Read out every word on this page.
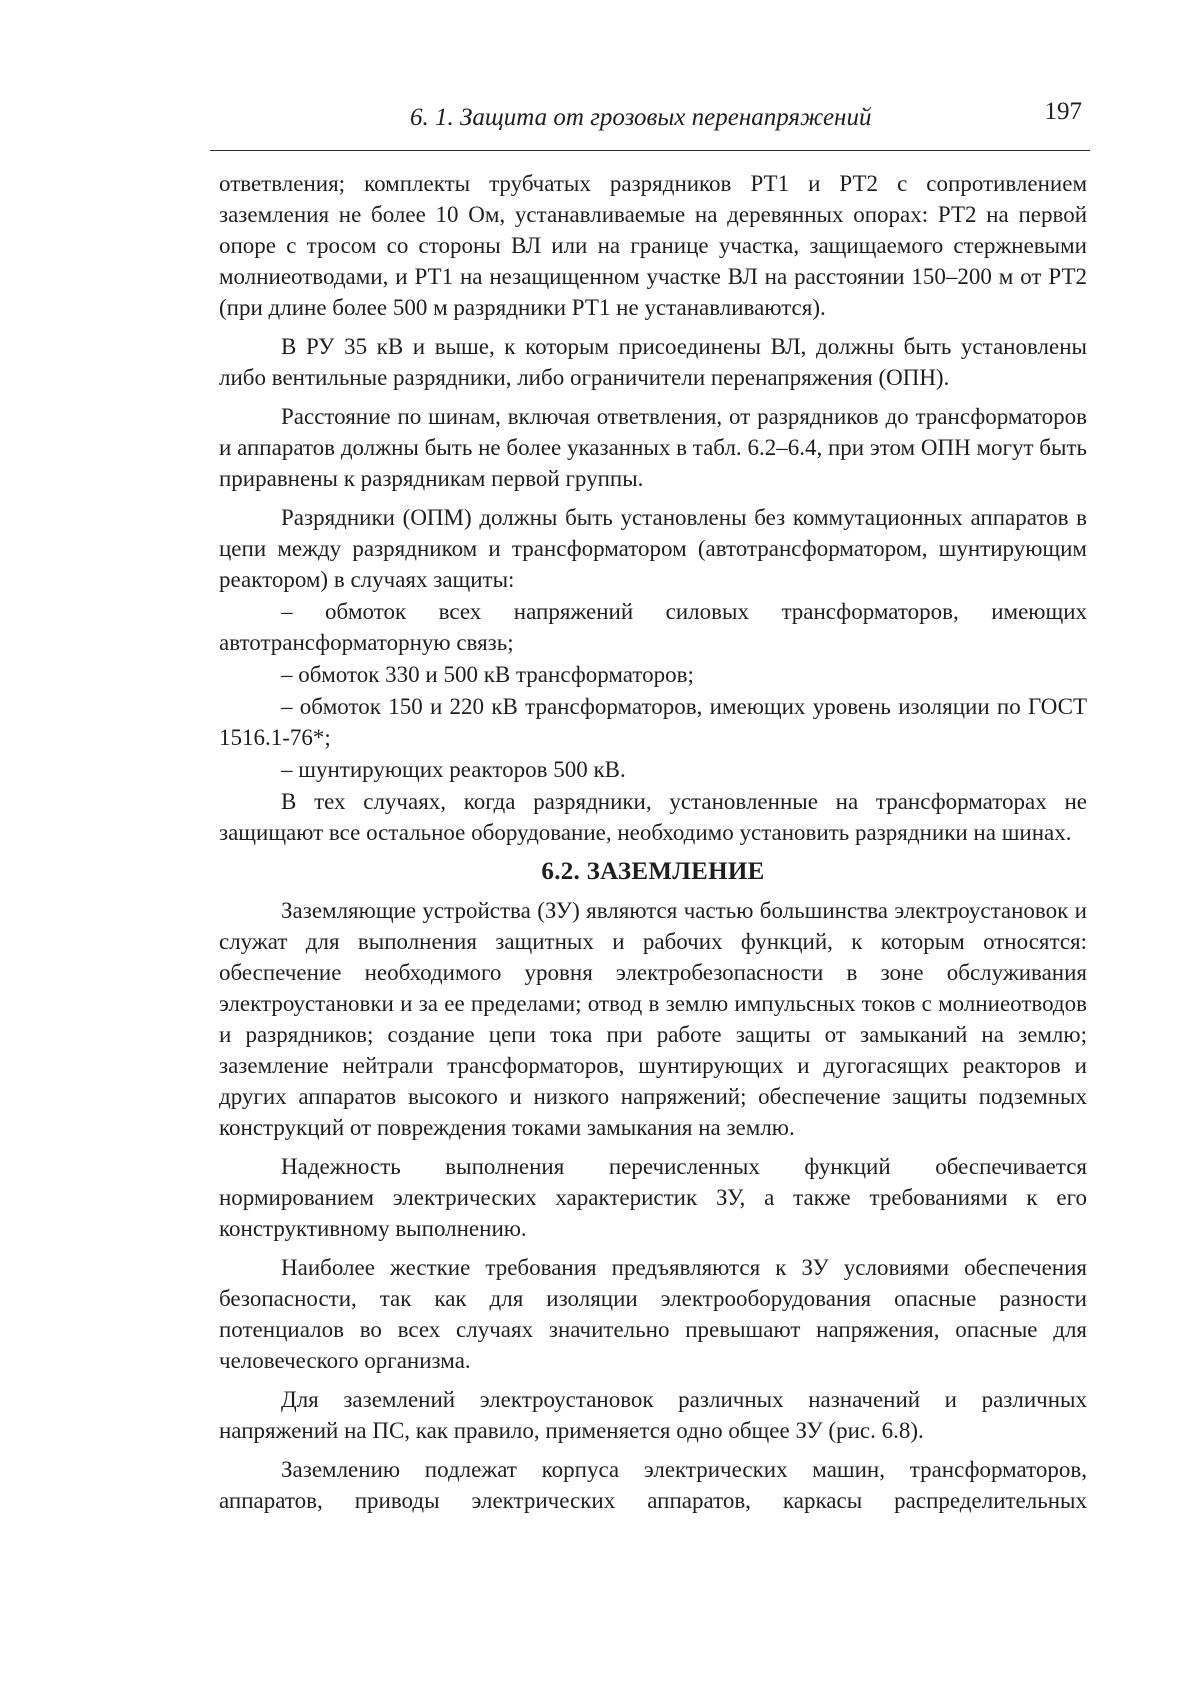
6. 1. Защита от грозовых перенапряжений	197

ответвления; комплекты трубчатых разрядников РТ1 и РТ2 с сопротивлением заземления не более 10 Ом, устанавливаемые на деревянных опорах: РТ2 на первой опоре с тросом со стороны ВЛ или на границе участка, защищаемого стержневыми молниеотводами, и РТ1 на незащищенном участке ВЛ на расстоянии 150–200 м от РТ2 (при длине более 500 м разрядники РТ1 не устанавливаются).

В РУ 35 кВ и выше, к которым присоединены ВЛ, должны быть установлены либо вентильные разрядники, либо ограничители перенапряжения (ОПН).

Расстояние по шинам, включая ответвления, от разрядников до трансформаторов и аппаратов должны быть не более указанных в табл. 6.2–6.4, при этом ОПН могут быть приравнены к разрядникам первой группы.

Разрядники (ОПМ) должны быть установлены без коммутационных аппаратов в цепи между разрядником и трансформатором (автотрансформатором, шунтирующим реактором) в случаях защиты:

– обмоток всех напряжений силовых трансформаторов, имеющих автотрансформаторную связь;

– обмоток 330 и 500 кВ трансформаторов;

– обмоток 150 и 220 кВ трансформаторов, имеющих уровень изоляции по ГОСТ 1516.1-76*;

– шунтирующих реакторов 500 кВ.

В тех случаях, когда разрядники, установленные на трансформаторах не защищают все остальное оборудование, необходимо установить разрядники на шинах.

6.2. ЗАЗЕМЛЕНИЕ

Заземляющие устройства (ЗУ) являются частью большинства электроустановок и служат для выполнения защитных и рабочих функций, к которым относятся: обеспечение необходимого уровня электробезопасности в зоне обслуживания электроустановки и за ее пределами; отвод в землю импульсных токов с молниеотводов и разрядников; создание цепи тока при работе защиты от замыканий на землю; заземление нейтрали трансформаторов, шунтирующих и дугогасящих реакторов и других аппаратов высокого и низкого напряжений; обеспечение защиты подземных конструкций от повреждения токами замыкания на землю.

Надежность выполнения перечисленных функций обеспечивается нормированием электрических характеристик ЗУ, а также требованиями к его конструктивному выполнению.

Наиболее жесткие требования предъявляются к ЗУ условиями обеспечения безопасности, так как для изоляции электрооборудования опасные разности потенциалов во всех случаях значительно превышают напряжения, опасные для человеческого организма.

Для заземлений электроустановок различных назначений и различных напряжений на ПС, как правило, применяется одно общее ЗУ (рис. 6.8).

Заземлению подлежат корпуса электрических машин, трансформаторов, аппаратов, приводы электрических аппаратов, каркасы распределительных
